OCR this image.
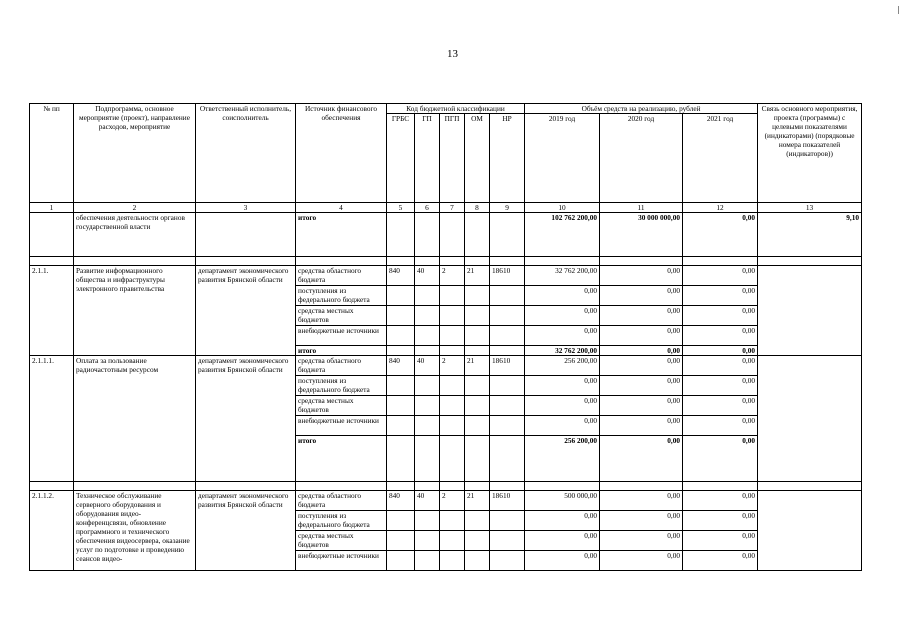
13
№ пп	Подпрограмма, основное мероприятие (проект), направление расходов, мероприятие	Ответственный исполнитель, соисполнитель	Источник финансового обеспечения	Код бюджетной классификации					Объём средств на реализацию, рублей			Связь основного мероприятия, проекта (программы) с целевыми показателями (индикаторами) (порядковые номера показателей (индикаторов))
				ГРБС	ГП	ПГП	ОМ	НР	2019 год	2020 год	2021 год	
1	2	3	4	5	6	7	8	9	10	11	12	13
	обеспечения деятельности органов государственной власти		итого						102 762 200,00	30 000 000,00	0,00	9,10

2.1.1.	Развитие информационного общества и инфраструктуры электронного правительства	департамент экономического развития Брянской области	средства областного бюджета	840	40	2	21	18610	32 762 200,00	0,00	0,00	
			поступления из федерального бюджета						0,00	0,00	0,00	
			средства местных бюджетов						0,00	0,00	0,00	
			внебюджетные источники						0,00	0,00	0,00	
			итого						32 762 200,00	0,00	0,00	
2.1.1.1.	Оплата за пользование радиочастотным ресурсом	департамент экономического развития Брянской области	средства областного бюджета	840	40	2	21	18610	256 200,00	0,00	0,00	
			поступления из федерального бюджета						0,00	0,00	0,00	
			средства местных бюджетов						0,00	0,00	0,00	
			внебюджетные источники						0,00	0,00	0,00	
			итого						256 200,00	0,00	0,00	

2.1.1.2.	Техническое обслуживание серверного оборудования и оборудования видео-конференцсвязи, обновление программного и технического обеспечения видеосервера, оказание услуг по подготовке и проведению сеансов видео-	департамент экономического развития Брянской области	средства областного бюджета	840	40	2	21	18610	500 000,00	0,00	0,00	
			поступления из федерального бюджета						0,00	0,00	0,00	
			средства местных бюджетов						0,00	0,00	0,00	
			внебюджетные источники						0,00	0,00	0,00	
